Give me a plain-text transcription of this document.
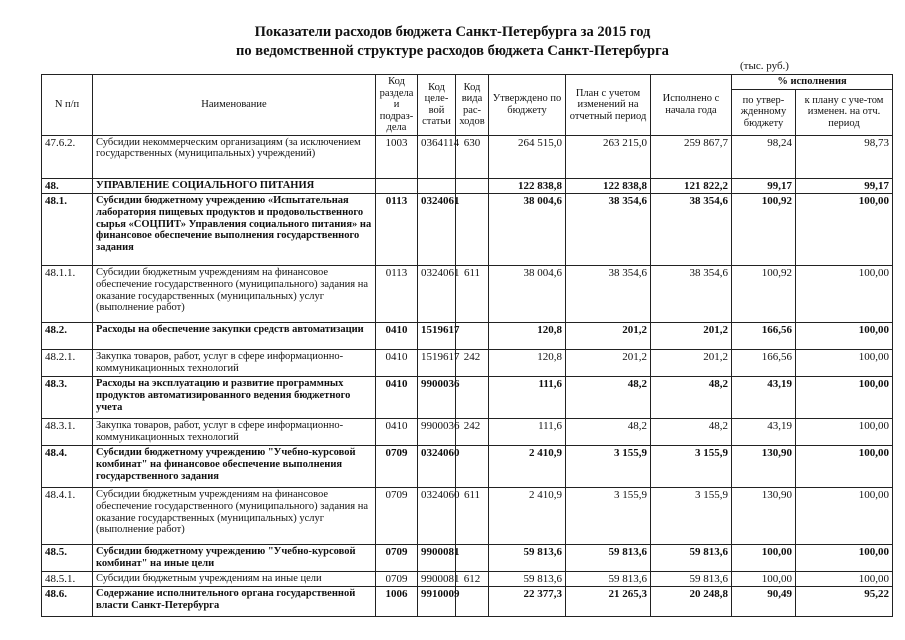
Показатели расходов бюджета Санкт-Петербурга за 2015 год
по ведомственной структуре расходов бюджета Санкт-Петербурга
(тыс. руб.)
N п/п	Наименование	Код раздела и подраз-дела	Код целе-вой статьи	Код вида рас-ходов	Утверждено по бюджету	План с учетом изменений на отчетный период	Исполнено с начала года	% исполнения	
								по утвер-жденному бюджету	к плану с уче-том изменен. на отч. период
47.6.2.	Субсидии некоммерческим организациям (за исключением государственных (муниципальных) учреждений)	1003	0364114	630	264 515,0	263 215,0	259 867,7	98,24	98,73
48.	УПРАВЛЕНИЕ СОЦИАЛЬНОГО ПИТАНИЯ				122 838,8	122 838,8	121 822,2	99,17	99,17
48.1.	Субсидии бюджетному учреждению «Испытательная лаборатория пищевых продуктов и продовольственного сырья «СОЦПИТ» Управления социального питания» на финансовое обеспечение выполнения государственного задания	0113	0324061		38 004,6	38 354,6	38 354,6	100,92	100,00
48.1.1.	Субсидии бюджетным учреждениям на финансовое обеспечение государственного (муниципального) задания на оказание государственных (муниципальных) услуг (выполнение работ)	0113	0324061	611	38 004,6	38 354,6	38 354,6	100,92	100,00
48.2.	Расходы на обеспечение закупки средств автоматизации	0410	1519617		120,8	201,2	201,2	166,56	100,00
48.2.1.	Закупка товаров, работ, услуг в сфере информационно-коммуникационных технологий	0410	1519617	242	120,8	201,2	201,2	166,56	100,00
48.3.	Расходы на эксплуатацию и развитие программных продуктов автоматизированного ведения бюджетного учета	0410	9900036		111,6	48,2	48,2	43,19	100,00
48.3.1.	Закупка товаров, работ, услуг в сфере информационно-коммуникационных технологий	0410	9900036	242	111,6	48,2	48,2	43,19	100,00
48.4.	Субсидии бюджетному учреждению "Учебно-курсовой комбинат" на финансовое обеспечение выполнения государственного задания	0709	0324060		2 410,9	3 155,9	3 155,9	130,90	100,00
48.4.1.	Субсидии бюджетным учреждениям на финансовое обеспечение государственного (муниципального) задания на оказание государственных (муниципальных) услуг (выполнение работ)	0709	0324060	611	2 410,9	3 155,9	3 155,9	130,90	100,00
48.5.	Субсидии бюджетному учреждению "Учебно-курсовой комбинат" на иные цели	0709	9900081		59 813,6	59 813,6	59 813,6	100,00	100,00
48.5.1.	Субсидии бюджетным учреждениям на иные цели	0709	9900081	612	59 813,6	59 813,6	59 813,6	100,00	100,00
48.6.	Содержание исполнительного органа государственной власти Санкт-Петербурга	1006	9910009		22 377,3	21 265,3	20 248,8	90,49	95,22
